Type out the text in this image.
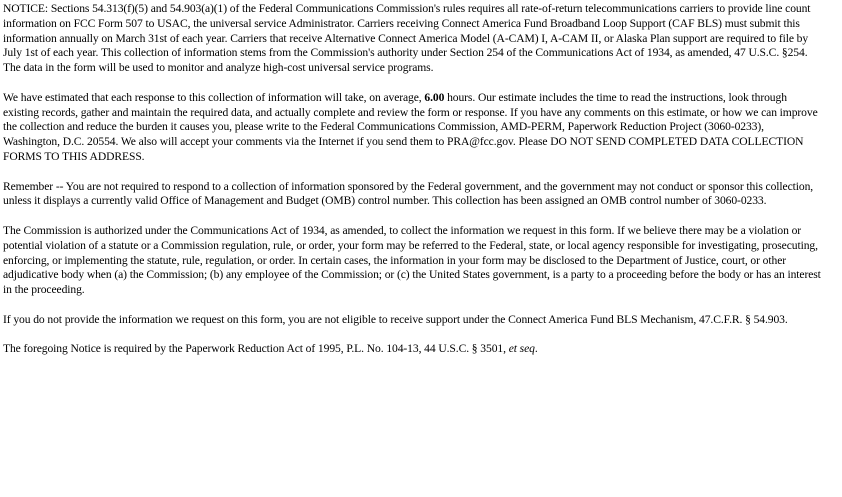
NOTICE: Sections 54.313(f)(5) and 54.903(a)(1) of the Federal Communications Commission's rules requires all rate-of-return telecommunications carriers to provide line count information on FCC Form 507 to USAC, the universal service Administrator. Carriers receiving Connect America Fund Broadband Loop Support (CAF BLS) must submit this information annually on March 31st of each year. Carriers that receive Alternative Connect America Model (A-CAM) I, A-CAM II, or Alaska Plan support are required to file by July 1st of each year. This collection of information stems from the Commission's authority under Section 254 of the Communications Act of 1934, as amended, 47 U.S.C. §254. The data in the form will be used to monitor and analyze high-cost universal service programs.

We have estimated that each response to this collection of information will take, on average, 6.00 hours. Our estimate includes the time to read the instructions, look through existing records, gather and maintain the required data, and actually complete and review the form or response. If you have any comments on this estimate, or how we can improve the collection and reduce the burden it causes you, please write to the Federal Communications Commission, AMD-PERM, Paperwork Reduction Project (3060-0233), Washington, D.C. 20554. We also will accept your comments via the Internet if you send them to PRA@fcc.gov. Please DO NOT SEND COMPLETED DATA COLLECTION FORMS TO THIS ADDRESS.

Remember -- You are not required to respond to a collection of information sponsored by the Federal government, and the government may not conduct or sponsor this collection, unless it displays a currently valid Office of Management and Budget (OMB) control number. This collection has been assigned an OMB control number of 3060-0233.

The Commission is authorized under the Communications Act of 1934, as amended, to collect the information we request in this form. If we believe there may be a violation or potential violation of a statute or a Commission regulation, rule, or order, your form may be referred to the Federal, state, or local agency responsible for investigating, prosecuting, enforcing, or implementing the statute, rule, regulation, or order. In certain cases, the information in your form may be disclosed to the Department of Justice, court, or other adjudicative body when (a) the Commission; (b) any employee of the Commission; or (c) the United States government, is a party to a proceeding before the body or has an interest in the proceeding.

If you do not provide the information we request on this form, you are not eligible to receive support under the Connect America Fund BLS Mechanism, 47.C.F.R. § 54.903.

The foregoing Notice is required by the Paperwork Reduction Act of 1995, P.L. No. 104-13, 44 U.S.C. § 3501, et seq.
